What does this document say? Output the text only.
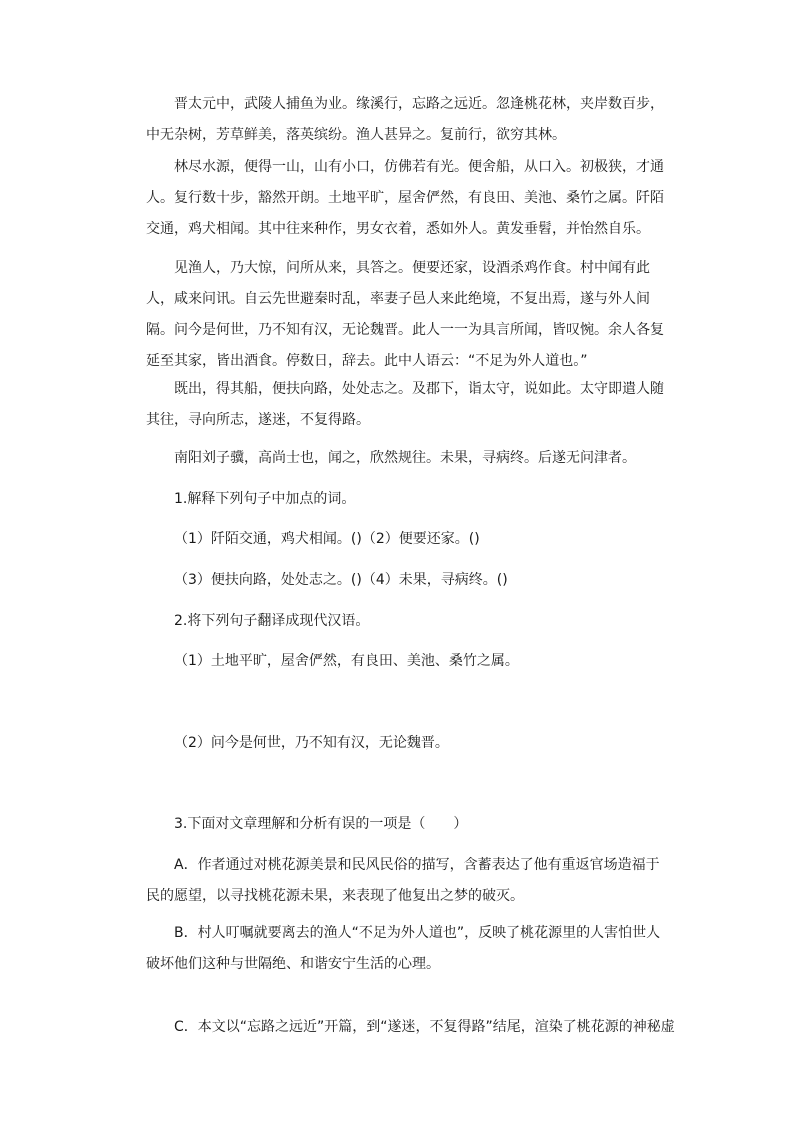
晋太元中，武陵人捕鱼为业。缘溪行，忘路之远近。忽逢桃花林，夹岸数百步，中无杂树，芳草鲜美，落英缤纷。渔人甚异之。复前行，欲穷其林。
林尽水源，便得一山，山有小口，仿佛若有光。便舍船，从口入。初极狭，才通人。复行数十步，豁然开朗。土地平旷，屋舍俨然，有良田、美池、桑竹之属。阡陌交通，鸡犬相闻。其中往来种作，男女衣着，悉如外人。黄发垂髫，并怡然自乐。
见渔人，乃大惊，问所从来，具答之。便要还家，设酒杀鸡作食。村中闻有此人，咸来问讯。自云先世避秦时乱，率妻子邑人来此绝境，不复出焉，遂与外人间隔。问今是何世，乃不知有汉，无论魏晋。此人一一为具言所闻，皆叹惋。余人各复延至其家，皆出酒食。停数日，辞去。此中人语云：“不足为外人道也。”
既出，得其船，便扶向路，处处志之。及郡下，诣太守，说如此。太守即遣人随其往，寻向所志，遂迷，不复得路。
南阳刘子骥，高尚士也，闻之，欣然规往。未果，寻病终。后遂无问津者。
1.解释下列句子中加点的词。
（1）阡陌交通，鸡犬相闻。()（2）便要还家。()
（3）便扶向路，处处志之。()（4）未果，寻病终。()
2.将下列句子翻译成现代汉语。
（1）土地平旷，屋舍俨然，有良田、美池、桑竹之属。
（2）问今是何世，乃不知有汉，无论魏晋。
3.下面对文章理解和分析有误的一项是（　　）
A．作者通过对桃花源美景和民风民俗的描写，含蓄表达了他有重返官场造福于民的愿望，以寻找桃花源未果，来表现了他复出之梦的破灭。
B．村人叮嘱就要离去的渔人“不足为外人道也”，反映了桃花源里的人害怕世人破坏他们这种与世隔绝、和谐安宁生活的心理。
C．本文以“忘路之远近”开篇，到“遂迷，不复得路”结尾，渲染了桃花源的神秘虚
